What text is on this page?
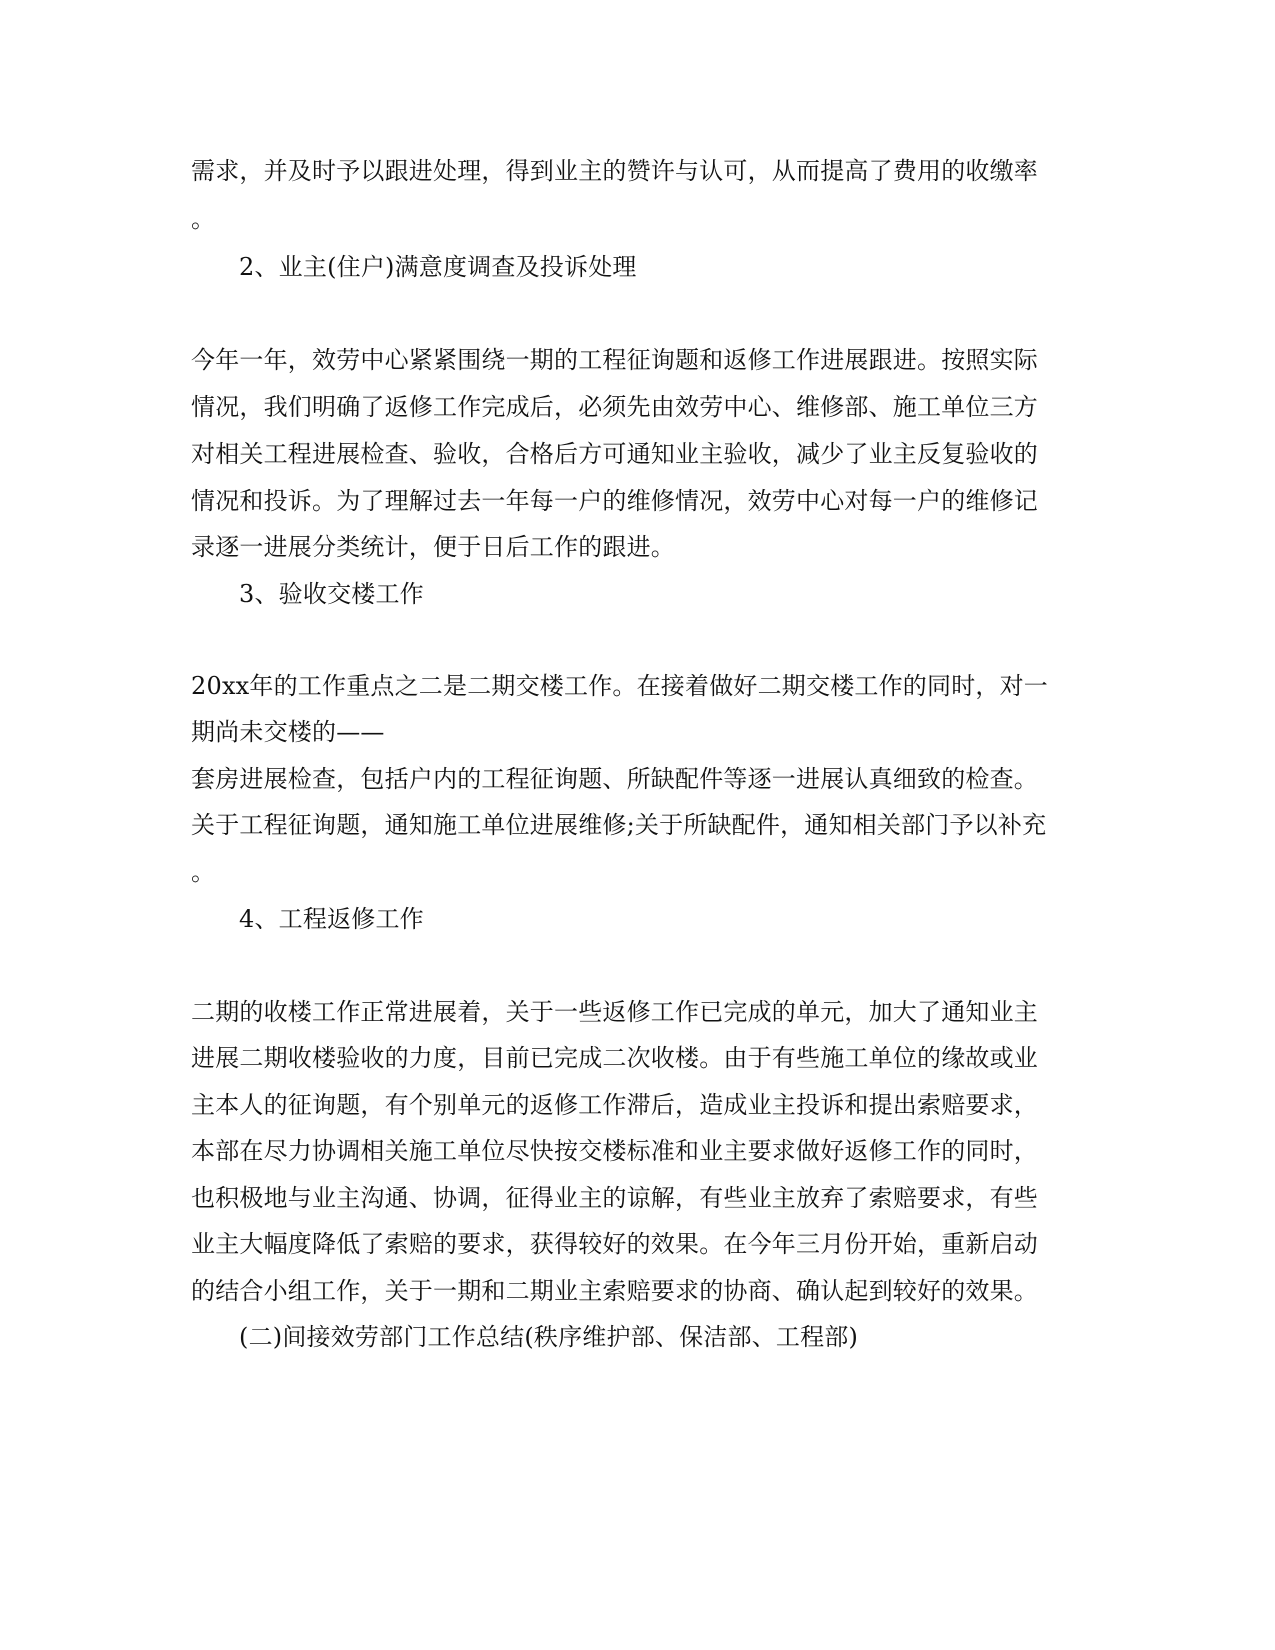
需求，并及时予以跟进处理，得到业主的赞许与认可，从而提高了费用的收缴率
。
2、业主(住户)满意度调查及投诉处理
今年一年，效劳中心紧紧围绕一期的工程征询题和返修工作进展跟进。按照实际
情况，我们明确了返修工作完成后，必须先由效劳中心、维修部、施工单位三方
对相关工程进展检查、验收，合格后方可通知业主验收，减少了业主反复验收的
情况和投诉。为了理解过去一年每一户的维修情况，效劳中心对每一户的维修记
录逐一进展分类统计，便于日后工作的跟进。
3、验收交楼工作
20xx年的工作重点之二是二期交楼工作。在接着做好二期交楼工作的同时，对一
期尚未交楼的——
套房进展检查，包括户内的工程征询题、所缺配件等逐一进展认真细致的检查。
关于工程征询题，通知施工单位进展维修;关于所缺配件，通知相关部门予以补充
。
4、工程返修工作
二期的收楼工作正常进展着，关于一些返修工作已完成的单元，加大了通知业主
进展二期收楼验收的力度，目前已完成二次收楼。由于有些施工单位的缘故或业
主本人的征询题，有个别单元的返修工作滞后，造成业主投诉和提出索赔要求，
本部在尽力协调相关施工单位尽快按交楼标准和业主要求做好返修工作的同时，
也积极地与业主沟通、协调，征得业主的谅解，有些业主放弃了索赔要求，有些
业主大幅度降低了索赔的要求，获得较好的效果。在今年三月份开始，重新启动
的结合小组工作，关于一期和二期业主索赔要求的协商、确认起到较好的效果。
(二)间接效劳部门工作总结(秩序维护部、保洁部、工程部)
